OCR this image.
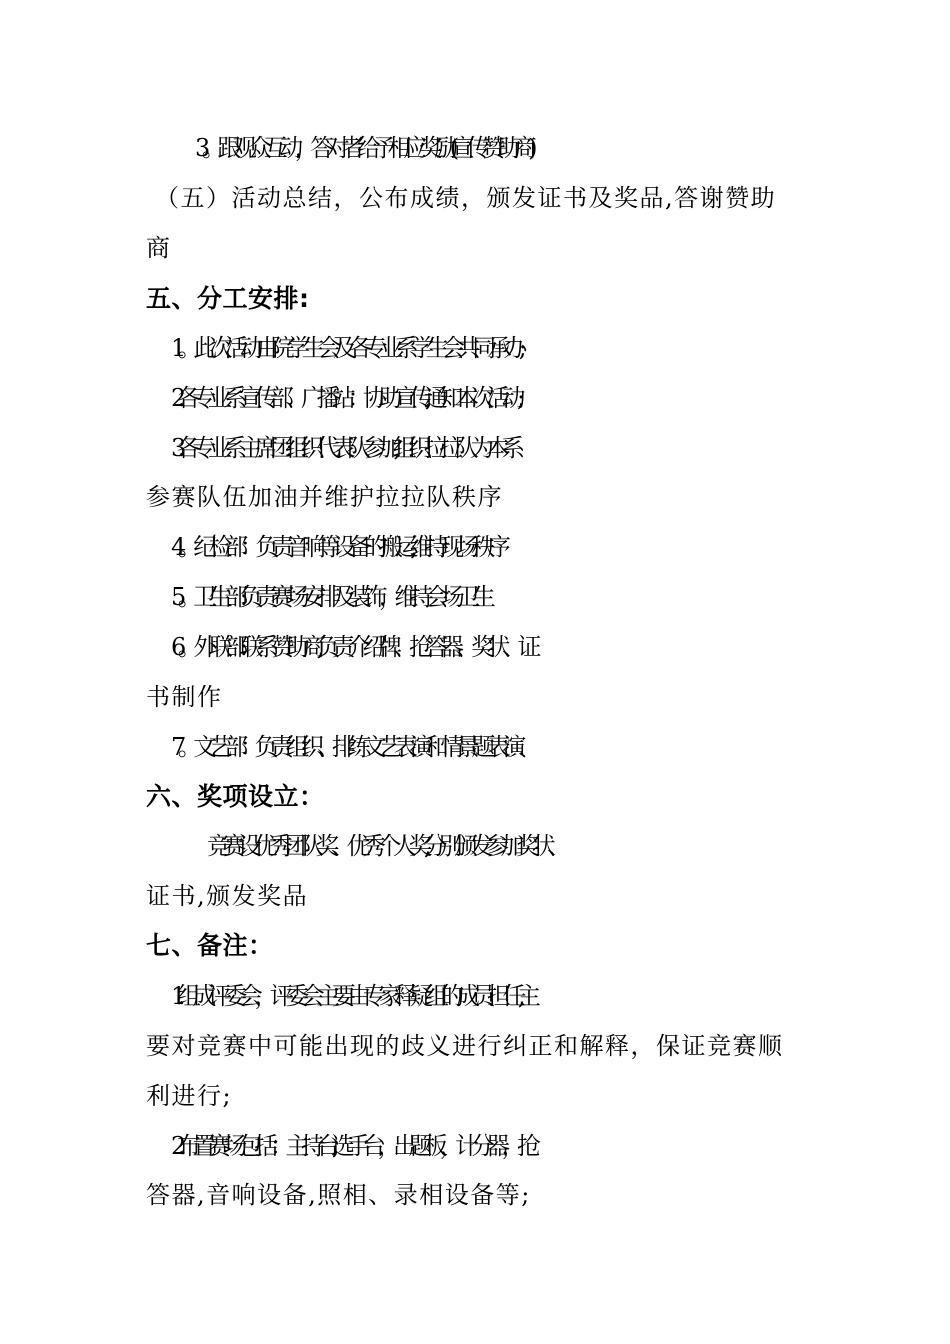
3。跟观众互动，答对者给予相应奖励(宣传赞助商)
（五）活动总结，公布成绩，颁发证书及奖品,答谢赞助
商
五、分工安排:
1。此次活动由院学生会及各专业系学生会共同承办;
2.各专业系宣传部、广播站：协助宣传,通知本次活动;
3.各专业系主席团:组织代表队参加,组织拉拉队为本系
参赛队伍加油并维护拉拉队秩序
4。纪检部：负责音响等设备的搬运,维持现场秩序
5。卫生部:负责赛场安排及装饰，维持会场卫生
6。外联部:联系赞助商,负责介绍牌、抢答器、奖状、证
书制作
7。文艺部： 负责组织、排练文艺表演和情景题表演.
六、奖项设立：
竞赛设优秀团队奖、优秀个人奖,分别颁发参加奖状、
证书,颁发奖品
七、备注：
1.组成评委会，评委会主要由专家释疑组的成员担任,主
要对竞赛中可能出现的歧义进行纠正和解释，保证竞赛顺
利进行;
2.布置赛场包括：主持台,选手台，出题板，计分器，抢
答器,音响设备,照相、录相设备等;
